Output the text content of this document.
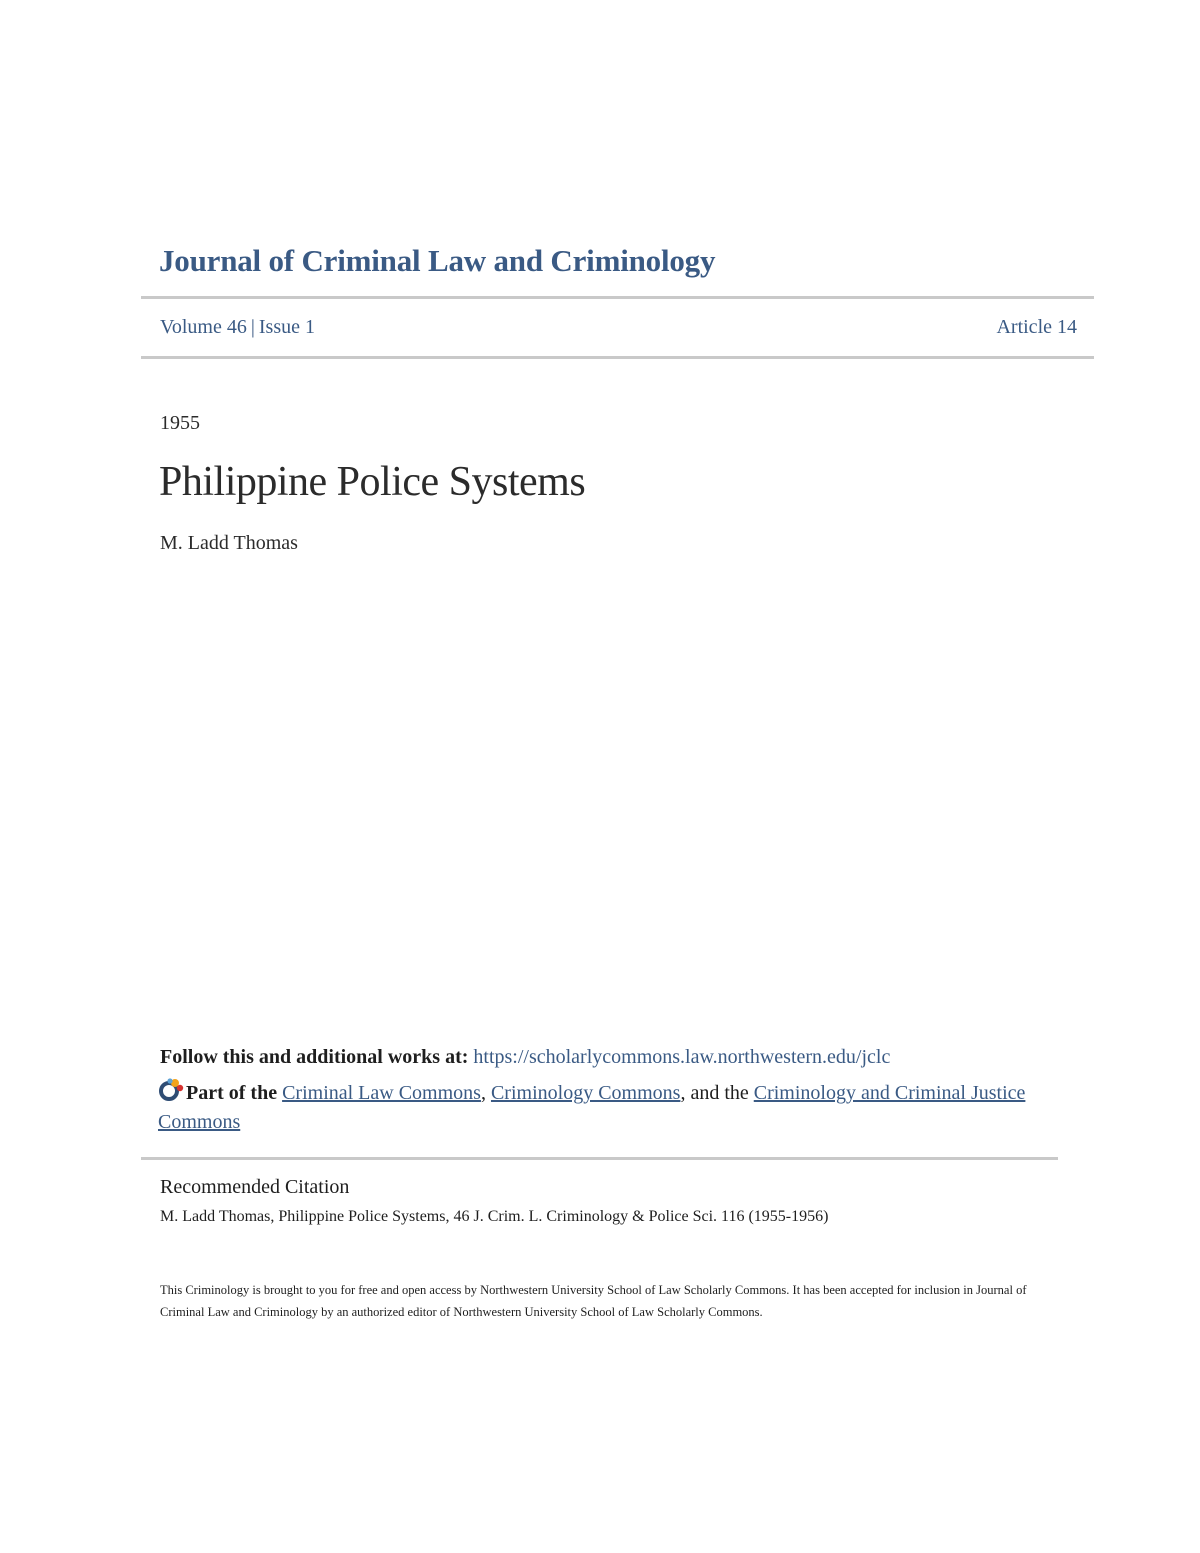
Journal of Criminal Law and Criminology
Volume 46 | Issue 1	Article 14
1955
Philippine Police Systems
M. Ladd Thomas
Follow this and additional works at: https://scholarlycommons.law.northwestern.edu/jclc
Part of the Criminal Law Commons, Criminology Commons, and the Criminology and Criminal Justice Commons
Recommended Citation
M. Ladd Thomas, Philippine Police Systems, 46 J. Crim. L. Criminology & Police Sci. 116 (1955-1956)
This Criminology is brought to you for free and open access by Northwestern University School of Law Scholarly Commons. It has been accepted for inclusion in Journal of Criminal Law and Criminology by an authorized editor of Northwestern University School of Law Scholarly Commons.
